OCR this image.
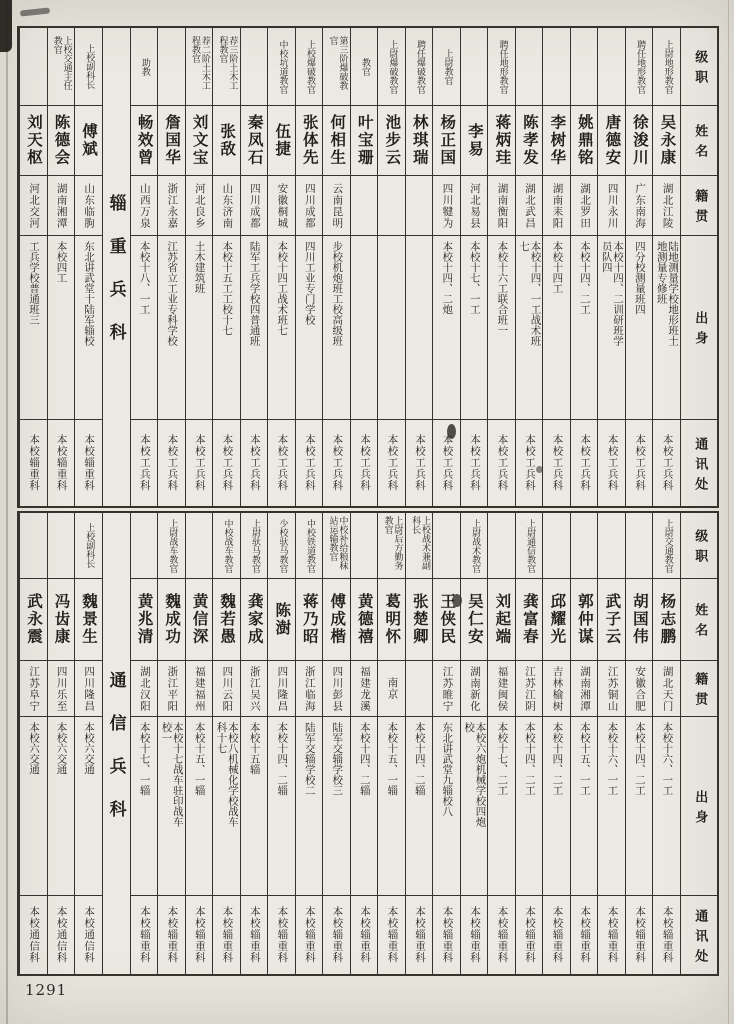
级职
姓名
籍贯
出身
通讯处
上尉地形教官
吴永康
湖北江陵
陆地测量学校地形班土地测量专修班
本校工兵科
聘任地形教官
徐浚川
广东南海
四分校测量班四
本校工兵科
唐德安
四川永川
本校十四、二训研班学员队四
本校工兵科
姚鼎铭
湖北罗田
本校十四、二工
本校工兵科
李树华
湖南耒阳
本校十四工
本校工兵科
陈孝发
湖北武昌
本校十四、一工战术班七
本校工兵科
聘任地形教官
蒋炳珪
湖南衡阳
本校十六工联合班一
本校工兵科
李易
河北易县
本校十七、一工
本校工兵科
上尉教官
杨正国
四川犍为
本校十四、二炮
本校工兵科
聘任爆破教官
林琪瑞
本校工兵科
上尉爆破教官
池步云
本校工兵科
教官
叶宝珊
本校工兵科
第三阶爆破教官
何相生
云南昆明
步校机炮班工校高级班
本校工兵科
上校爆破教官
张体先
四川成都
四川工业专门学校
本校工兵科
中校坑道教官
伍捷
安徽桐城
本校十四工战术班七
本校工兵科
秦凤石
四川成都
陆军工兵学校四普通班
本校工兵科
荐三阶土木工程教官
张敌
山东济南
本校十五工工校十七
本校工兵科
荐二阶土木工程教官
刘文宝
河北良乡
土木建筑班
本校工兵科
詹国华
浙江永嘉
江苏省立工业专科学校
本校工兵科
助教
畅效曾
山西万泉
本校十八、一工
本校工兵科
辎重兵科
上校副科长
傅斌
山东临朐
东北讲武堂十陆军辎校
本校辎重科
上校交通主任教官
陈德会
湖南湘潭
本校四工
本校辎重科
刘天枢
河北交河
工兵学校普通班三
本校辎重科
级职
姓名
籍贯
出身
通讯处
上尉交通教官
杨志鹏
湖北天门
本校十六、一工
本校辎重科
胡国伟
安徽合肥
本校十四、二工
本校辎重科
武子云
江苏铜山
本校十六、一工
本校辎重科
郭仲谋
湖南湘潭
本校十五、一工
本校辎重科
邱耀光
吉林榆树
本校十四、二工
本校辎重科
上尉通信教官
龚富春
江苏江阴
本校十四、二工
本校辎重科
刘起端
福建闽侯
本校十七、二工
本校辎重科
上尉战术教官
吴仁安
湖南新化
本校六炮机械学校四炮校
本校辎重科
王侠民
江苏睢宁
东北讲武堂九辎校八
本校辎重科
上校战术兼副科长
张楚卿
本校十四、二辎
本校辎重科
上尉后方勤务教官
葛明怀
南京
本校十五、一辎
本校辎重科
黄德禧
福建龙溪
本校十四、二辎
本校辎重科
中校补给粮秣站运输教官
傅成楷
四川彭县
陆军交辎学校三
本校辎重科
中校铁道教官
蒋乃昭
浙江临海
陆军交辎学校二
本校辎重科
少校驮马教官
陈澍
四川隆昌
本校十四、二辎
本校辎重科
上尉驮马教官
龚家成
浙江吴兴
本校十五辎
本校辎重科
中校战车教官
魏若愚
四川云阳
本校八机械化学校战车科十七
本校辎重科
黄信深
福建福州
本校十五、一辎
本校辎重科
上尉战车教官
魏成功
浙江平阳
本校十七战车驻印战车校一
本校辎重科
黄兆清
湖北汉阳
本校十七、一辎
本校辎重科
通信兵科
上校副科长
魏景生
四川隆昌
本校六交通
本校通信科
冯齿康
四川乐至
本校六交通
本校通信科
武永震
江苏阜宁
本校六交通
本校通信科
1291
